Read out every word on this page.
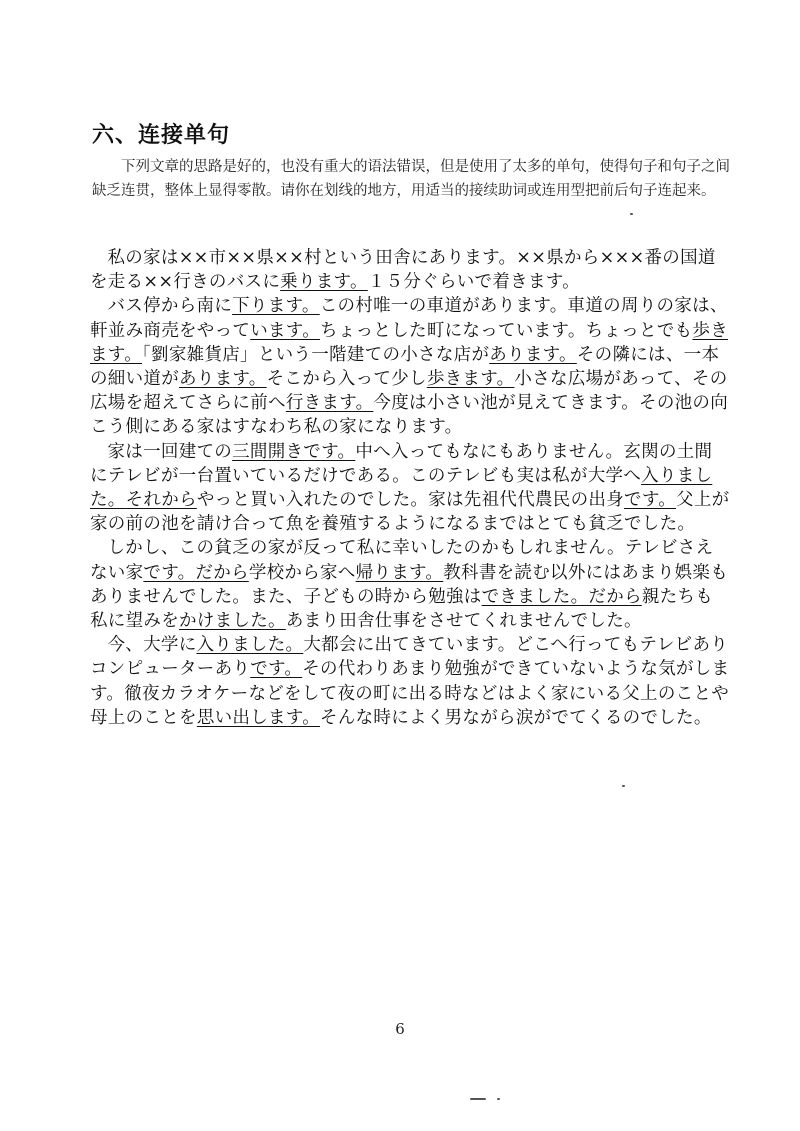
六、连接单句

下列文章的思路是好的，也没有重大的语法错误，但是使用了太多的单句，使得句子和句子之间缺乏连贯，整体上显得零散。请你在划线的地方，用适当的接续助词或连用型把前后句子连起来。

私の家は××市××県××村という田舎にあります。××県から×××番の国道を走る××行きのバスに乗ります。１５分ぐらいで着きます。

バス停から南に下ります。この村唯一の車道があります。車道の周りの家は、軒並み商売をやっています。ちょっとした町になっています。ちょっとでも歩きます。「劉家雑貨店」という一階建ての小さな店があります。その隣には、一本の細い道があります。そこから入って少し歩きます。小さな広場があって、その広場を超えてさらに前へ行きます。今度は小さい池が見えてきます。その池の向こう側にある家はすなわち私の家になります。

家は一回建ての三間開きです。中へ入ってもなにもありません。玄関の土間にテレビが一台置いているだけである。このテレビも実は私が大学へ入りました。それからやっと買い入れたのでした。家は先祖代代農民の出身です。父上が家の前の池を請け合って魚を養殖するようになるまではとても貧乏でした。

しかし、この貧乏の家が反って私に幸いしたのかもしれません。テレビさえない家です。だから学校から家へ帰ります。教科書を読む以外にはあまり娯楽もありませんでした。また、子どもの時から勉強はできました。だから親たちも私に望みをかけました。あまり田舎仕事をさせてくれませんでした。

今、大学に入りました。大都会に出てきています。どこへ行ってもテレビありコンピューターありです。その代わりあまり勉強ができていないような気がします。徹夜カラオケーなどをして夜の町に出る時などはよく家にいる父上のことや母上のことを思い出します。そんな時によく男ながら涙がでてくるのでした。

6
